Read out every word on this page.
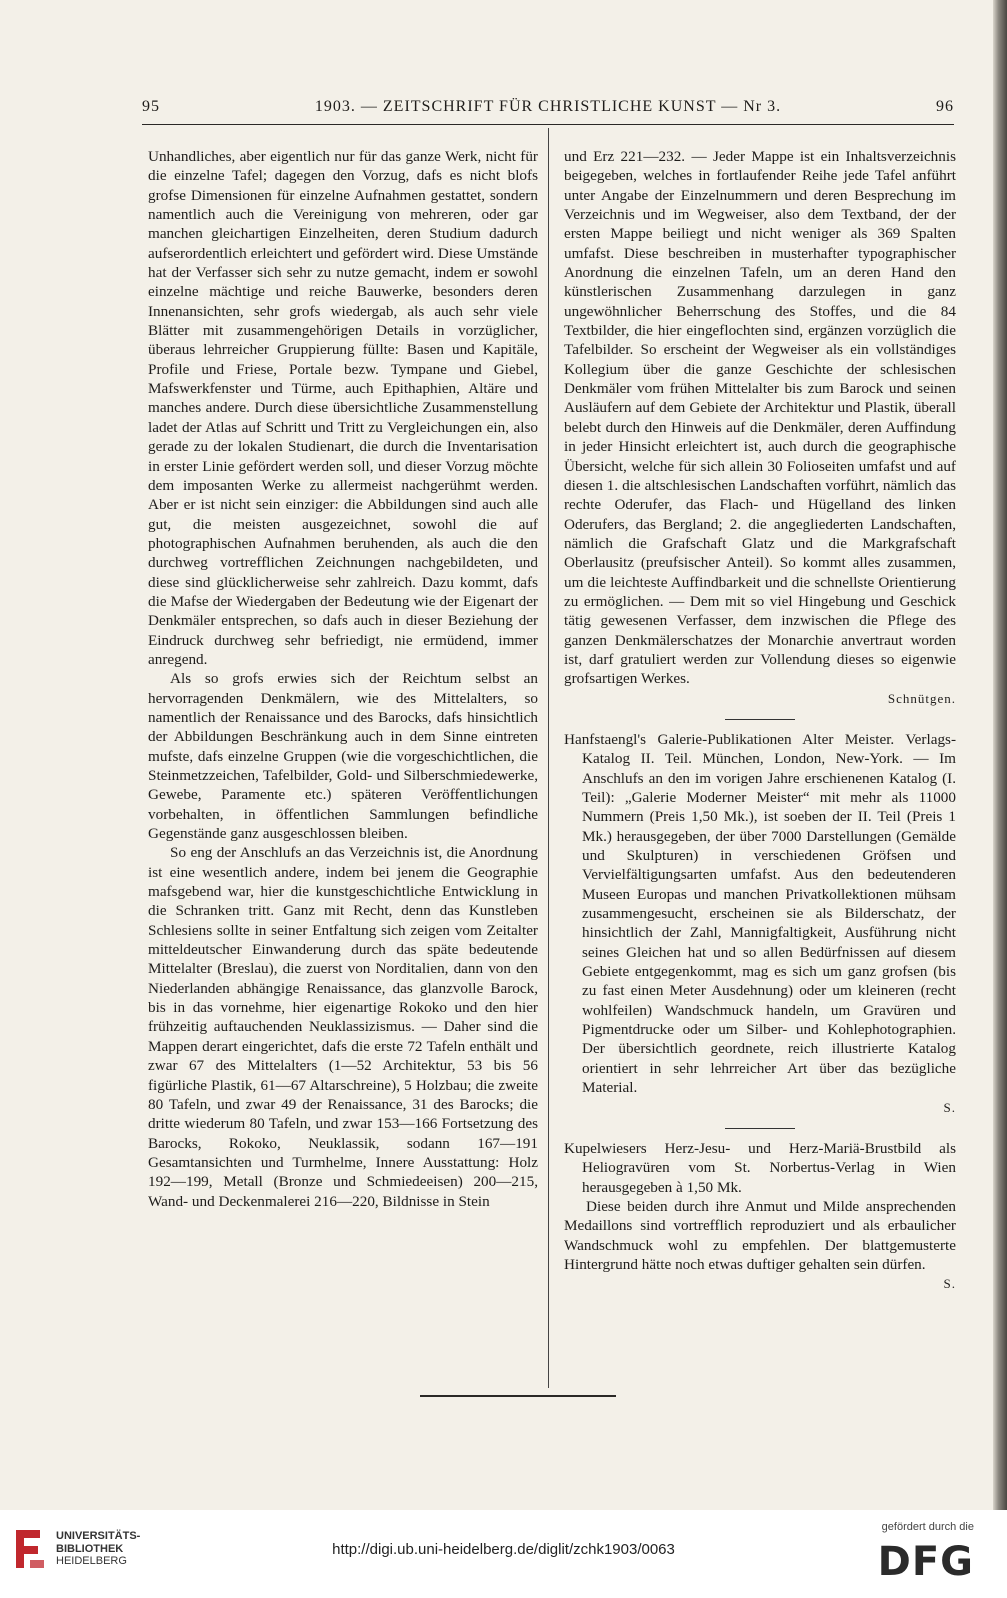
95	1903. — ZEITSCHRIFT FÜR CHRISTLICHE KUNST — Nr 3.	96

Unhandliches, aber eigentlich nur für das ganze Werk, nicht für die einzelne Tafel; dagegen den Vorzug, dafs es nicht blofs grofse Dimensionen für einzelne Aufnahmen gestattet, sondern namentlich auch die Vereinigung von mehreren, oder gar manchen gleichartigen Einzelheiten, deren Studium dadurch aufserordentlich erleichtert und gefördert wird. Diese Umstände hat der Verfasser sich sehr zu nutze gemacht, indem er sowohl einzelne mächtige und reiche Bauwerke, besonders deren Innenansichten, sehr grofs wiedergab, als auch sehr viele Blätter mit zusammengehörigen Details in vorzüglicher, überaus lehrreicher Gruppierung füllte: Basen und Kapitäle, Profile und Friese, Portale bezw. Tympane und Giebel, Mafswerkfenster und Türme, auch Epithaphien, Altäre und manches andere. Durch diese übersichtliche Zusammenstellung ladet der Atlas auf Schritt und Tritt zu Vergleichungen ein, also gerade zu der lokalen Studienart, die durch die Inventarisation in erster Linie gefördert werden soll, und dieser Vorzug möchte dem imposanten Werke zu allermeist nachgerühmt werden. Aber er ist nicht sein einziger: die Abbildungen sind auch alle gut, die meisten ausgezeichnet, sowohl die auf photographischen Aufnahmen beruhenden, als auch die den durchweg vortrefflichen Zeichnungen nachgebildeten, und diese sind glücklicherweise sehr zahlreich. Dazu kommt, dafs die Mafse der Wiedergaben der Bedeutung wie der Eigenart der Denkmäler entsprechen, so dafs auch in dieser Beziehung der Eindruck durchweg sehr befriedigt, nie ermüdend, immer anregend.

Als so grofs erwies sich der Reichtum selbst an hervorragenden Denkmälern, wie des Mittelalters, so namentlich der Renaissance und des Barocks, dafs hinsichtlich der Abbildungen Beschränkung auch in dem Sinne eintreten mufste, dafs einzelne Gruppen (wie die vorgeschichtlichen, die Steinmetzzeichen, Tafelbilder, Gold- und Silberschmiedewerke, Gewebe, Paramente etc.) späteren Veröffentlichungen vorbehalten, in öffentlichen Sammlungen befindliche Gegenstände ganz ausgeschlossen bleiben.

So eng der Anschlufs an das Verzeichnis ist, die Anordnung ist eine wesentlich andere, indem bei jenem die Geographie mafsgebend war, hier die kunstgeschichtliche Entwicklung in die Schranken tritt. Ganz mit Recht, denn das Kunstleben Schlesiens sollte in seiner Entfaltung sich zeigen vom Zeitalter mitteldeutscher Einwanderung durch das späte bedeutende Mittelalter (Breslau), die zuerst von Norditalien, dann von den Niederlanden abhängige Renaissance, das glanzvolle Barock, bis in das vornehme, hier eigenartige Rokoko und den hier frühzeitig auftauchenden Neuklassizismus. — Daher sind die Mappen derart eingerichtet, dafs die erste 72 Tafeln enthält und zwar 67 des Mittelalters (1—52 Architektur, 53 bis 56 figürliche Plastik, 61—67 Altarschreine), 5 Holzbau; die zweite 80 Tafeln, und zwar 49 der Renaissance, 31 des Barocks; die dritte wiederum 80 Tafeln, und zwar 153—166 Fortsetzung des Barocks, Rokoko, Neuklassik, sodann 167—191 Gesamtansichten und Turmhelme, Innere Ausstattung: Holz 192—199, Metall (Bronze und Schmiedeeisen) 200—215, Wand- und Deckenmalerei 216—220, Bildnisse in Stein

und Erz 221—232. — Jeder Mappe ist ein Inhaltsverzeichnis beigegeben, welches in fortlaufender Reihe jede Tafel anführt unter Angabe der Einzelnummern und deren Besprechung im Verzeichnis und im Wegweiser, also dem Textband, der der ersten Mappe beiliegt und nicht weniger als 369 Spalten umfafst. Diese beschreiben in musterhafter typographischer Anordnung die einzelnen Tafeln, um an deren Hand den künstlerischen Zusammenhang darzulegen in ganz ungewöhnlicher Beherrschung des Stoffes, und die 84 Textbilder, die hier eingeflochten sind, ergänzen vorzüglich die Tafelbilder. So erscheint der Wegweiser als ein vollständiges Kollegium über die ganze Geschichte der schlesischen Denkmäler vom frühen Mittelalter bis zum Barock und seinen Ausläufern auf dem Gebiete der Architektur und Plastik, überall belebt durch den Hinweis auf die Denkmäler, deren Auffindung in jeder Hinsicht erleichtert ist, auch durch die geographische Übersicht, welche für sich allein 30 Folioseiten umfafst und auf diesen 1. die altschlesischen Landschaften vorführt, nämlich das rechte Oderufer, das Flach- und Hügelland des linken Oderufers, das Bergland; 2. die angegliederten Landschaften, nämlich die Grafschaft Glatz und die Markgrafschaft Oberlausitz (preufsischer Anteil). So kommt alles zusammen, um die leichteste Auffindbarkeit und die schnellste Orientierung zu ermöglichen. — Dem mit so viel Hingebung und Geschick tätig gewesenen Verfasser, dem inzwischen die Pflege des ganzen Denkmälerschatzes der Monarchie anvertraut worden ist, darf gratuliert werden zur Vollendung dieses so eigenwie grofsartigen Werkes.

Schnütgen.

Hanfstaengl's Galerie-Publikationen Alter Meister. Verlags-Katalog II. Teil. München, London, New-York. — Im Anschlufs an den im vorigen Jahre erschienenen Katalog (I. Teil): „Galerie Moderner Meister“ mit mehr als 11000 Nummern (Preis 1,50 Mk.), ist soeben der II. Teil (Preis 1 Mk.) herausgegeben, der über 7000 Darstellungen (Gemälde und Skulpturen) in verschiedenen Gröfsen und Vervielfältigungsarten umfafst. Aus den bedeutenderen Museen Europas und manchen Privatkollektionen mühsam zusammengesucht, erscheinen sie als Bilderschatz, der hinsichtlich der Zahl, Mannigfaltigkeit, Ausführung nicht seines Gleichen hat und so allen Bedürfnissen auf diesem Gebiete entgegenkommt, mag es sich um ganz grofsen (bis zu fast einen Meter Ausdehnung) oder um kleineren (recht wohlfeilen) Wandschmuck handeln, um Gravüren und Pigmentdrucke oder um Silber- und Kohlephotographien. Der übersichtlich geordnete, reich illustrierte Katalog orientiert in sehr lehrreicher Art über das bezügliche Material.

S.

Kupelwiesers Herz-Jesu- und Herz-Mariä-Brustbild als Heliogravüren vom St. Norbertus-Verlag in Wien herausgegeben à 1,50 Mk.

Diese beiden durch ihre Anmut und Milde ansprechenden Medaillons sind vortrefflich reproduziert und als erbaulicher Wandschmuck wohl zu empfehlen. Der blattgemusterte Hintergrund hätte noch etwas duftiger gehalten sein dürfen.

S.
UNIVERSITÄTS-
BIBLIOTHEK
HEIDELBERG
http://digi.ub.uni-heidelberg.de/diglit/zchk1903/0063
gefördert durch die
DFG
